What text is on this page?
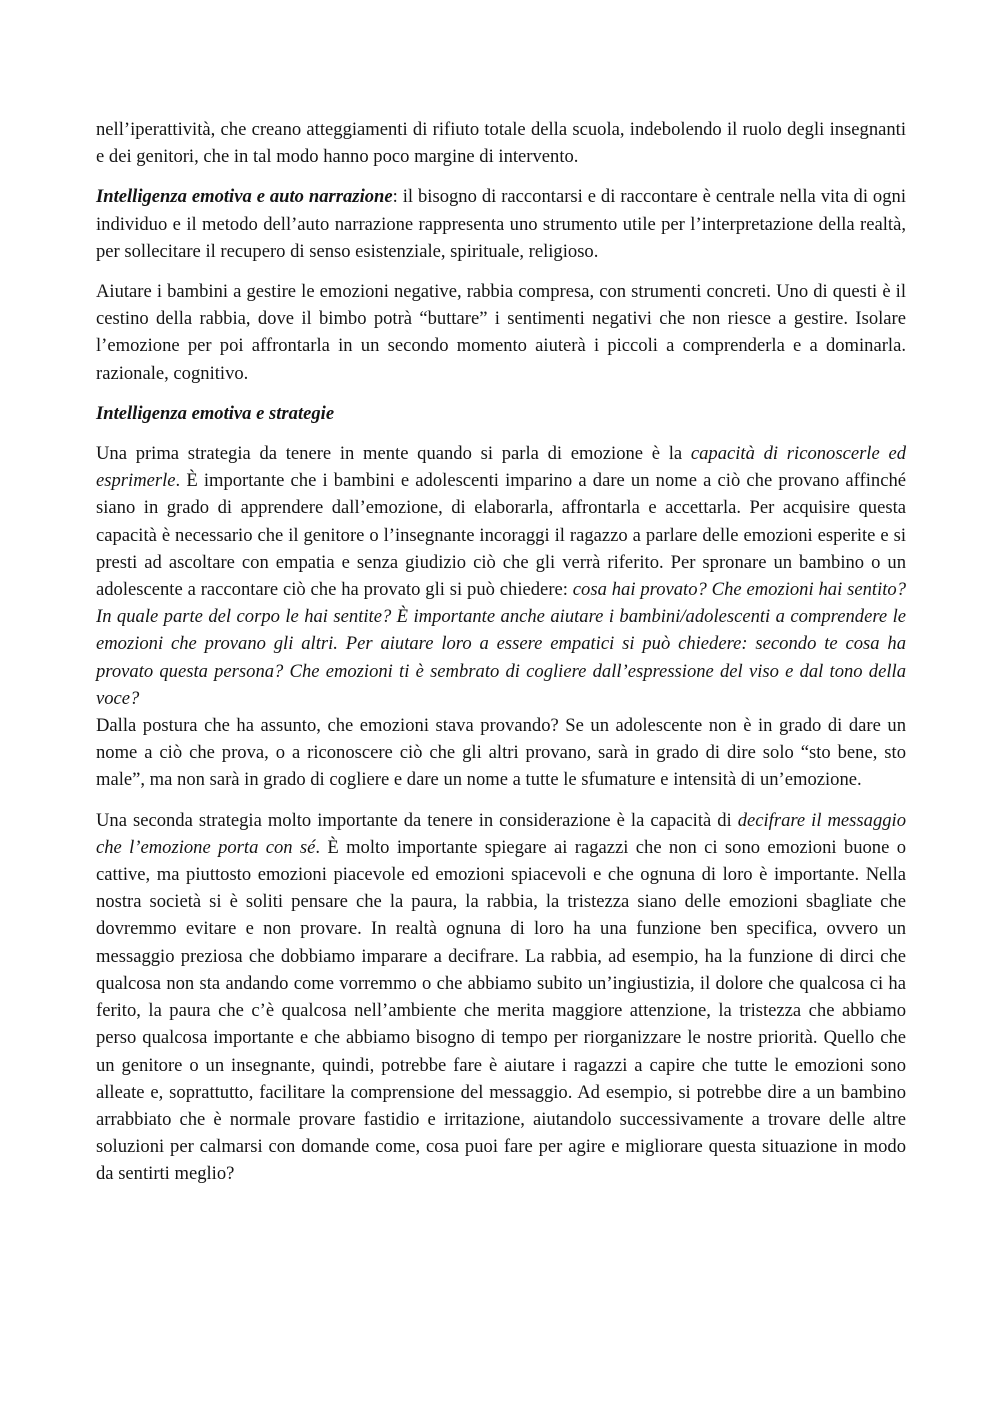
nell’iperattività, che creano atteggiamenti di rifiuto totale della scuola, indebolendo il ruolo degli insegnanti e dei genitori, che in tal modo hanno poco margine di intervento.

Intelligenza emotiva e auto narrazione: il bisogno di raccontarsi e di raccontare è centrale nella vita di ogni individuo e il metodo dell’auto narrazione rappresenta uno strumento utile per l’interpretazione della realtà, per sollecitare il recupero di senso esistenziale, spirituale, religioso.

Aiutare i bambini a gestire le emozioni negative, rabbia compresa, con strumenti concreti. Uno di questi è il cestino della rabbia, dove il bimbo potrà “buttare” i sentimenti negativi che non riesce a gestire. Isolare l’emozione per poi affrontarla in un secondo momento aiuterà i piccoli a comprenderla e a dominarla. razionale, cognitivo.

Intelligenza emotiva e strategie

Una prima strategia da tenere in mente quando si parla di emozione è la capacità di riconoscerle ed esprimerle. È importante che i bambini e adolescenti imparino a dare un nome a ciò che provano affinché siano in grado di apprendere dall’emozione, di elaborarla, affrontarla e accettarla. Per acquisire questa capacità è necessario che il genitore o l’insegnante incoraggi il ragazzo a parlare delle emozioni esperite e si presti ad ascoltare con empatia e senza giudizio ciò che gli verrà riferito. Per spronare un bambino o un adolescente a raccontare ciò che ha provato gli si può chiedere: cosa hai provato? Che emozioni hai sentito? In quale parte del corpo le hai sentite? È importante anche aiutare i bambini/adolescenti a comprendere le emozioni che provano gli altri. Per aiutare loro a essere empatici si può chiedere: secondo te cosa ha provato questa persona? Che emozioni ti è sembrato di cogliere dall’espressione del viso e dal tono della voce?

Dalla postura che ha assunto, che emozioni stava provando? Se un adolescente non è in grado di dare un nome a ciò che prova, o a riconoscere ciò che gli altri provano, sarà in grado di dire solo “sto bene, sto male”, ma non sarà in grado di cogliere e dare un nome a tutte le sfumature e intensità di un’emozione.

Una seconda strategia molto importante da tenere in considerazione è la capacità di decifrare il messaggio che l’emozione porta con sé. È molto importante spiegare ai ragazzi che non ci sono emozioni buone o cattive, ma piuttosto emozioni piacevole ed emozioni spiacevoli e che ognuna di loro è importante. Nella nostra società si è soliti pensare che la paura, la rabbia, la tristezza siano delle emozioni sbagliate che dovremmo evitare e non provare. In realtà ognuna di loro ha una funzione ben specifica, ovvero un messaggio preziosa che dobbiamo imparare a decifrare. La rabbia, ad esempio, ha la funzione di dirci che qualcosa non sta andando come vorremmo o che abbiamo subito un’ingiustizia, il dolore che qualcosa ci ha ferito, la paura che c’è qualcosa nell’ambiente che merita maggiore attenzione, la tristezza che abbiamo perso qualcosa importante e che abbiamo bisogno di tempo per riorganizzare le nostre priorità. Quello che un genitore o un insegnante, quindi, potrebbe fare è aiutare i ragazzi a capire che tutte le emozioni sono alleate e, soprattutto, facilitare la comprensione del messaggio. Ad esempio, si potrebbe dire a un bambino arrabbiato che è normale provare fastidio e irritazione, aiutandolo successivamente a trovare delle altre soluzioni per calmarsi con domande come, cosa puoi fare per agire e migliorare questa situazione in modo da sentirti meglio?
